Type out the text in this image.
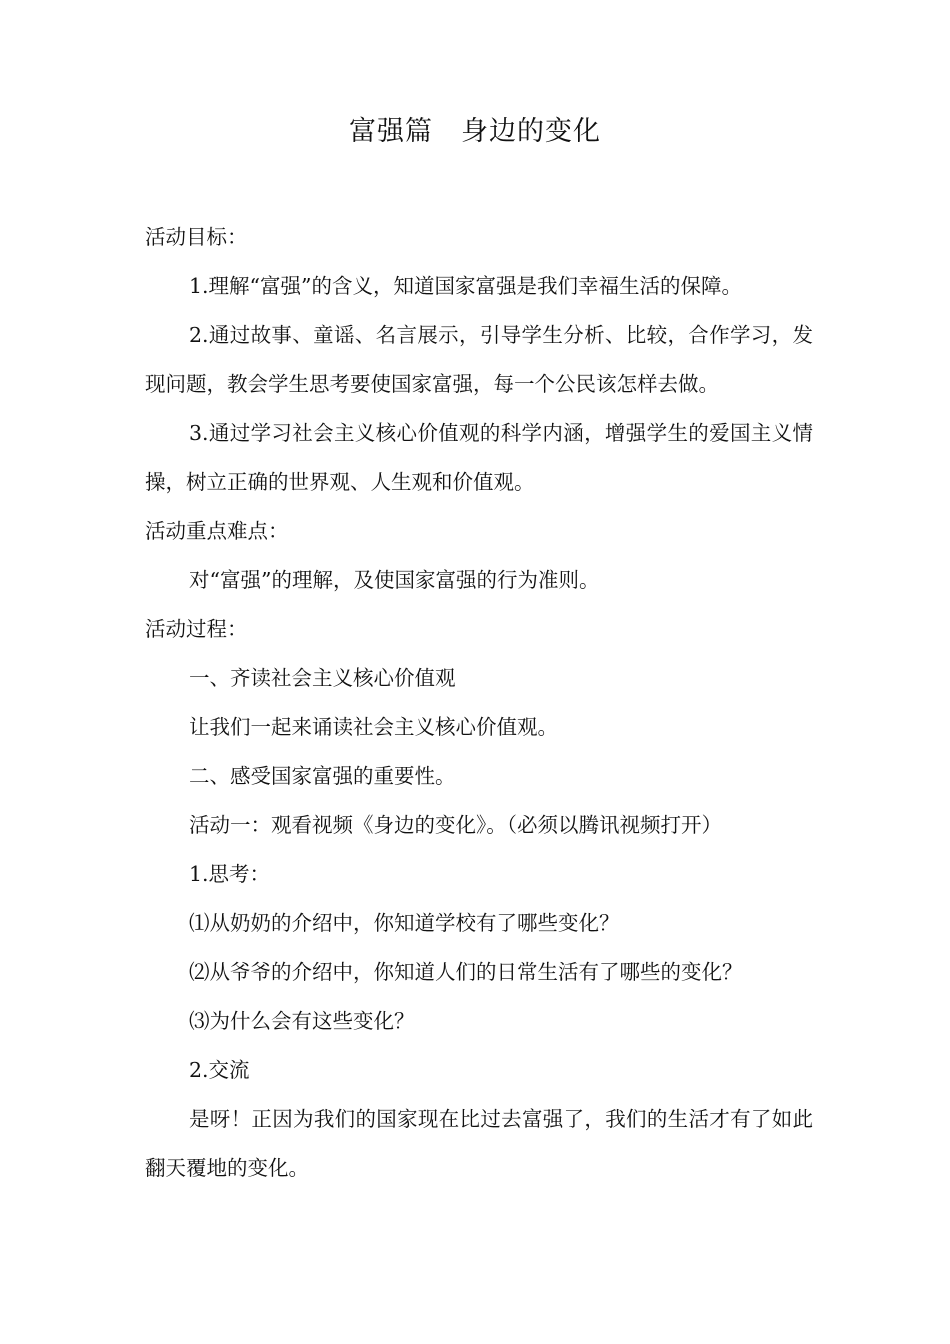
富强篇　身边的变化

活动目标：

1.理解“富强”的含义，知道国家富强是我们幸福生活的保障。

2.通过故事、童谣、名言展示，引导学生分析、比较，合作学习，发现问题，教会学生思考要使国家富强，每一个公民该怎样去做。

3.通过学习社会主义核心价值观的科学内涵，增强学生的爱国主义情操，树立正确的世界观、人生观和价值观。

活动重点难点：

对“富强”的理解，及使国家富强的行为准则。

活动过程：

一、齐读社会主义核心价值观

让我们一起来诵读社会主义核心价值观。

二、感受国家富强的重要性。

活动一：观看视频《身边的变化》。（必须以腾讯视频打开）

1.思考：

⑴从奶奶的介绍中，你知道学校有了哪些变化？

⑵从爷爷的介绍中，你知道人们的日常生活有了哪些的变化？

⑶为什么会有这些变化？

2.交流

是呀！正因为我们的国家现在比过去富强了，我们的生活才有了如此翻天覆地的变化。
